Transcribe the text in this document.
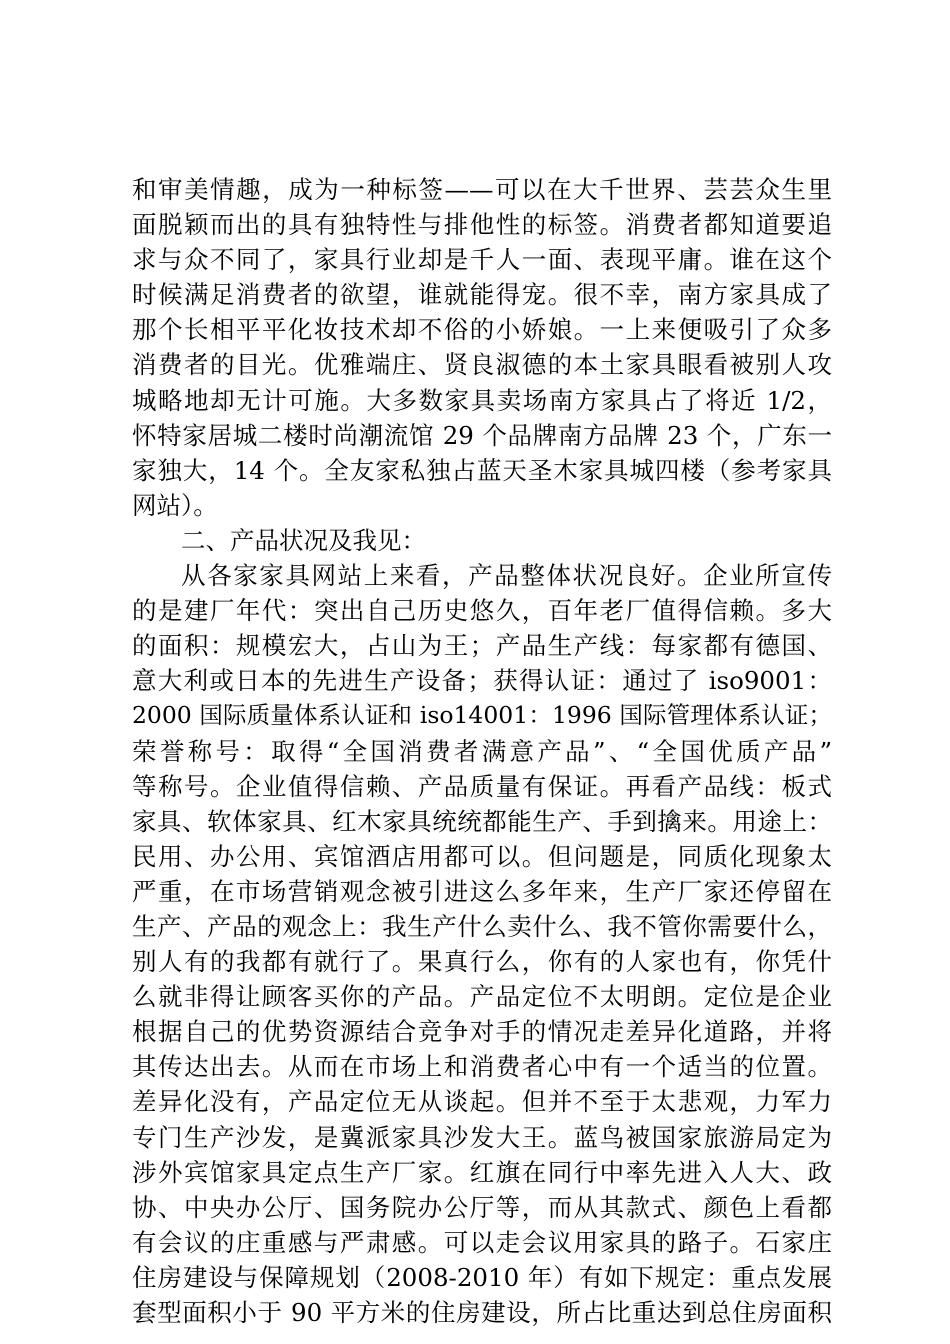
和审美情趣，成为一种标签——可以在大千世界、芸芸众生里
面脱颖而出的具有独特性与排他性的标签。消费者都知道要追
求与众不同了，家具行业却是千人一面、表现平庸。谁在这个
时候满足消费者的欲望，谁就能得宠。很不幸，南方家具成了
那个长相平平化妆技术却不俗的小娇娘。一上来便吸引了众多
消费者的目光。优雅端庄、贤良淑德的本土家具眼看被别人攻
城略地却无计可施。大多数家具卖场南方家具占了将近 1/2，
怀特家居城二楼时尚潮流馆 29 个品牌南方品牌 23 个，广东一
家独大，14 个。全友家私独占蓝天圣木家具城四楼（参考家具
网站）。
二、产品状况及我见：
从各家家具网站上来看，产品整体状况良好。企业所宣传
的是建厂年代：突出自己历史悠久，百年老厂值得信赖。多大
的面积：规模宏大，占山为王；产品生产线：每家都有德国、
意大利或日本的先进生产设备；获得认证：通过了 iso9001：
2000 国际质量体系认证和 iso14001：1996 国际管理体系认证；
荣誉称号：取得“全国消费者满意产品”、“全国优质产品”
等称号。企业值得信赖、产品质量有保证。再看产品线：板式
家具、软体家具、红木家具统统都能生产、手到擒来。用途上：
民用、办公用、宾馆酒店用都可以。但问题是，同质化现象太
严重，在市场营销观念被引进这么多年来，生产厂家还停留在
生产、产品的观念上：我生产什么卖什么、我不管你需要什么，
别人有的我都有就行了。果真行么，你有的人家也有，你凭什
么就非得让顾客买你的产品。产品定位不太明朗。定位是企业
根据自己的优势资源结合竞争对手的情况走差异化道路，并将
其传达出去。从而在市场上和消费者心中有一个适当的位置。
差异化没有，产品定位无从谈起。但并不至于太悲观，力军力
专门生产沙发，是冀派家具沙发大王。蓝鸟被国家旅游局定为
涉外宾馆家具定点生产厂家。红旗在同行中率先进入人大、政
协、中央办公厅、国务院办公厅等，而从其款式、颜色上看都
有会议的庄重感与严肃感。可以走会议用家具的路子。石家庄
住房建设与保障规划（2008-2010 年）有如下规定：重点发展
套型面积小于 90 平方米的住房建设，所占比重达到总住房面积
